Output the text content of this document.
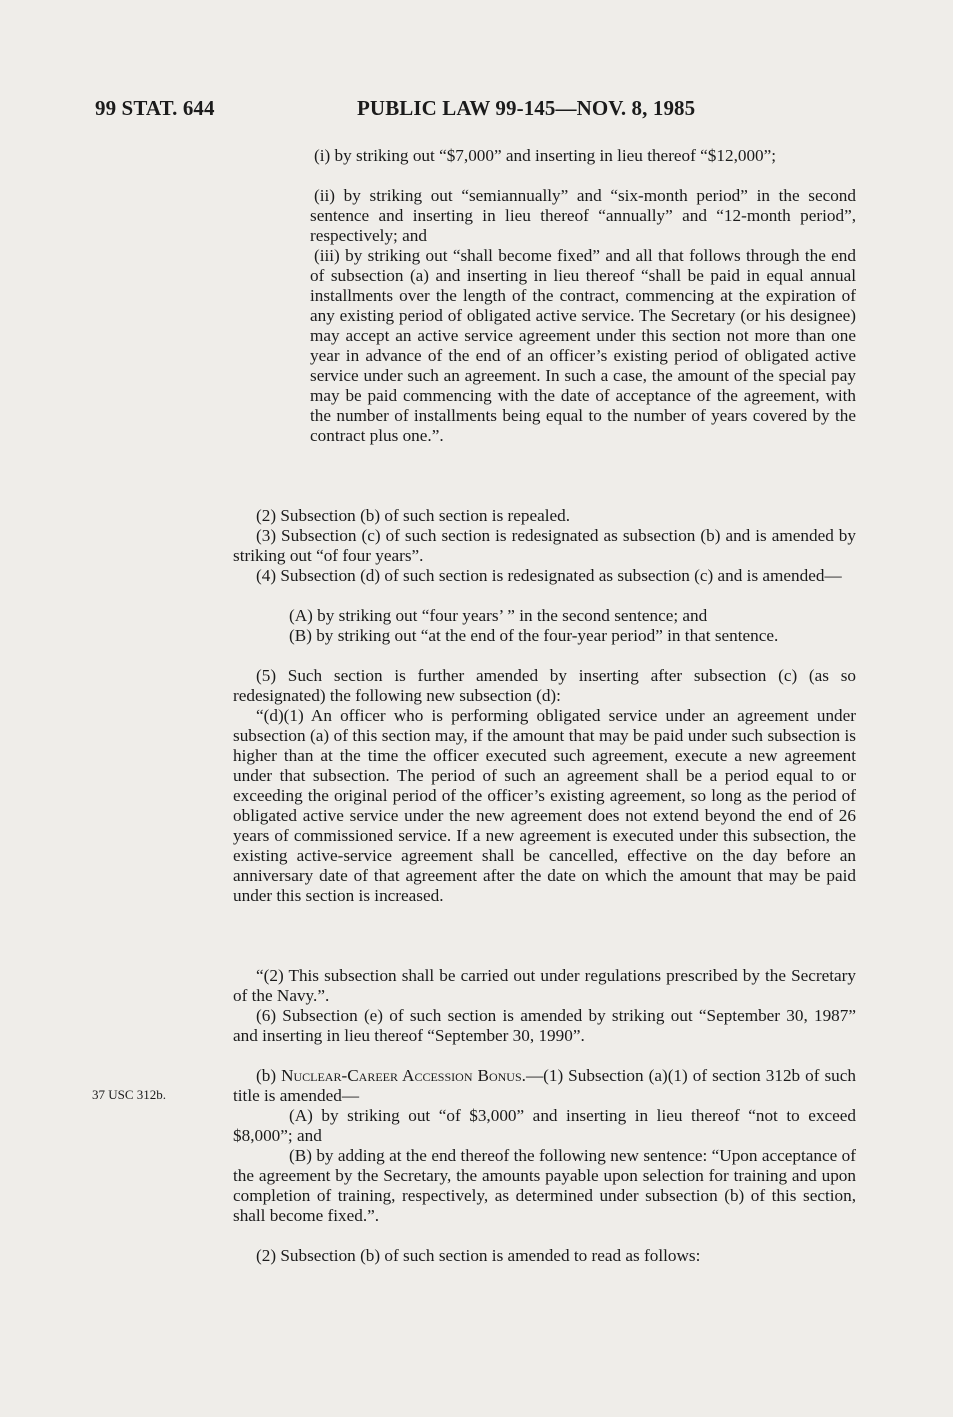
99 STAT. 644	PUBLIC LAW 99-145—NOV. 8, 1985
37 USC 312b.

(i) by striking out “$7,000” and inserting in lieu thereof “$12,000”;

(ii) by striking out “semiannually” and “six-month period” in the second sentence and inserting in lieu thereof “annually” and “12-month period”, respectively; and

(iii) by striking out “shall become fixed” and all that follows through the end of subsection (a) and inserting in lieu thereof “shall be paid in equal annual installments over the length of the contract, commencing at the expiration of any existing period of obligated active service. The Secretary (or his designee) may accept an active service agreement under this section not more than one year in advance of the end of an officer’s existing period of obligated active service under such an agreement. In such a case, the amount of the special pay may be paid commencing with the date of acceptance of the agreement, with the number of installments being equal to the number of years covered by the contract plus one.”.

(2) Subsection (b) of such section is repealed.

(3) Subsection (c) of such section is redesignated as subsection (b) and is amended by striking out “of four years”.

(4) Subsection (d) of such section is redesignated as subsection (c) and is amended—

(A) by striking out “four years’ ” in the second sentence; and

(B) by striking out “at the end of the four-year period” in that sentence.

(5) Such section is further amended by inserting after subsection (c) (as so redesignated) the following new subsection (d):

“(d)(1) An officer who is performing obligated service under an agreement under subsection (a) of this section may, if the amount that may be paid under such subsection is higher than at the time the officer executed such agreement, execute a new agreement under that subsection. The period of such an agreement shall be a period equal to or exceeding the original period of the officer’s existing agreement, so long as the period of obligated active service under the new agreement does not extend beyond the end of 26 years of commissioned service. If a new agreement is executed under this subsection, the existing active-service agreement shall be cancelled, effective on the day before an anniversary date of that agreement after the date on which the amount that may be paid under this section is increased.

“(2) This subsection shall be carried out under regulations prescribed by the Secretary of the Navy.”.

(6) Subsection (e) of such section is amended by striking out “September 30, 1987” and inserting in lieu thereof “September 30, 1990”.

(b) Nuclear-Career Accession Bonus.—(1) Subsection (a)(1) of section 312b of such title is amended—

(A) by striking out “of $3,000” and inserting in lieu thereof “not to exceed $8,000”; and

(B) by adding at the end thereof the following new sentence: “Upon acceptance of the agreement by the Secretary, the amounts payable upon selection for training and upon completion of training, respectively, as determined under subsection (b) of this section, shall become fixed.”.

(2) Subsection (b) of such section is amended to read as follows:
